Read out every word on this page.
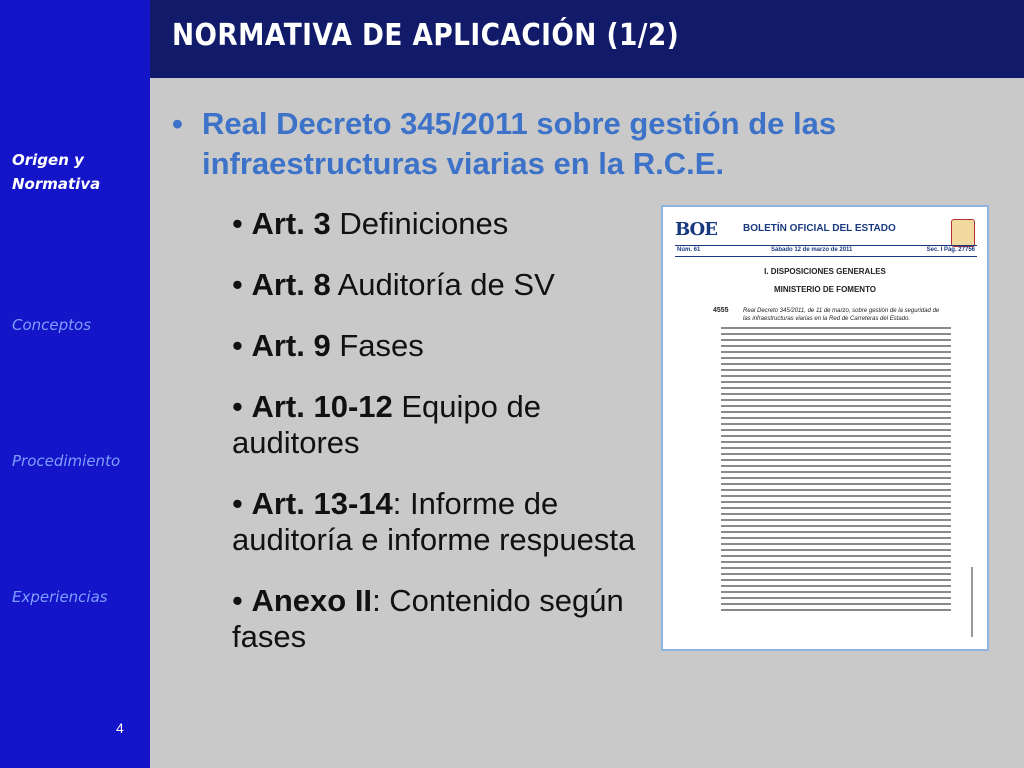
Origen y
Normativa
Conceptos
Procedimiento
Experiencias
4
NORMATIVA DE APLICACIÓN (1/2)
• Real Decreto 345/2011 sobre gestión de las infraestructuras viarias en la R.C.E.
• Art. 3 Definiciones
• Art. 8 Auditoría de SV
• Art. 9 Fases
• Art. 10-12 Equipo de auditores
• Art. 13-14: Informe de auditoría e informe respuesta
• Anexo II: Contenido según fases
BOE	BOLETÍN OFICIAL DEL ESTADO
Núm. 61	Sábado 12 de marzo de 2011	Sec. I Pág. 27756
I. DISPOSICIONES GENERALES
MINISTERIO DE FOMENTO
4555 Real Decreto 345/2011, de 11 de marzo, sobre gestión de la seguridad de las infraestructuras viarias en la Red de Carreteras del Estado.
